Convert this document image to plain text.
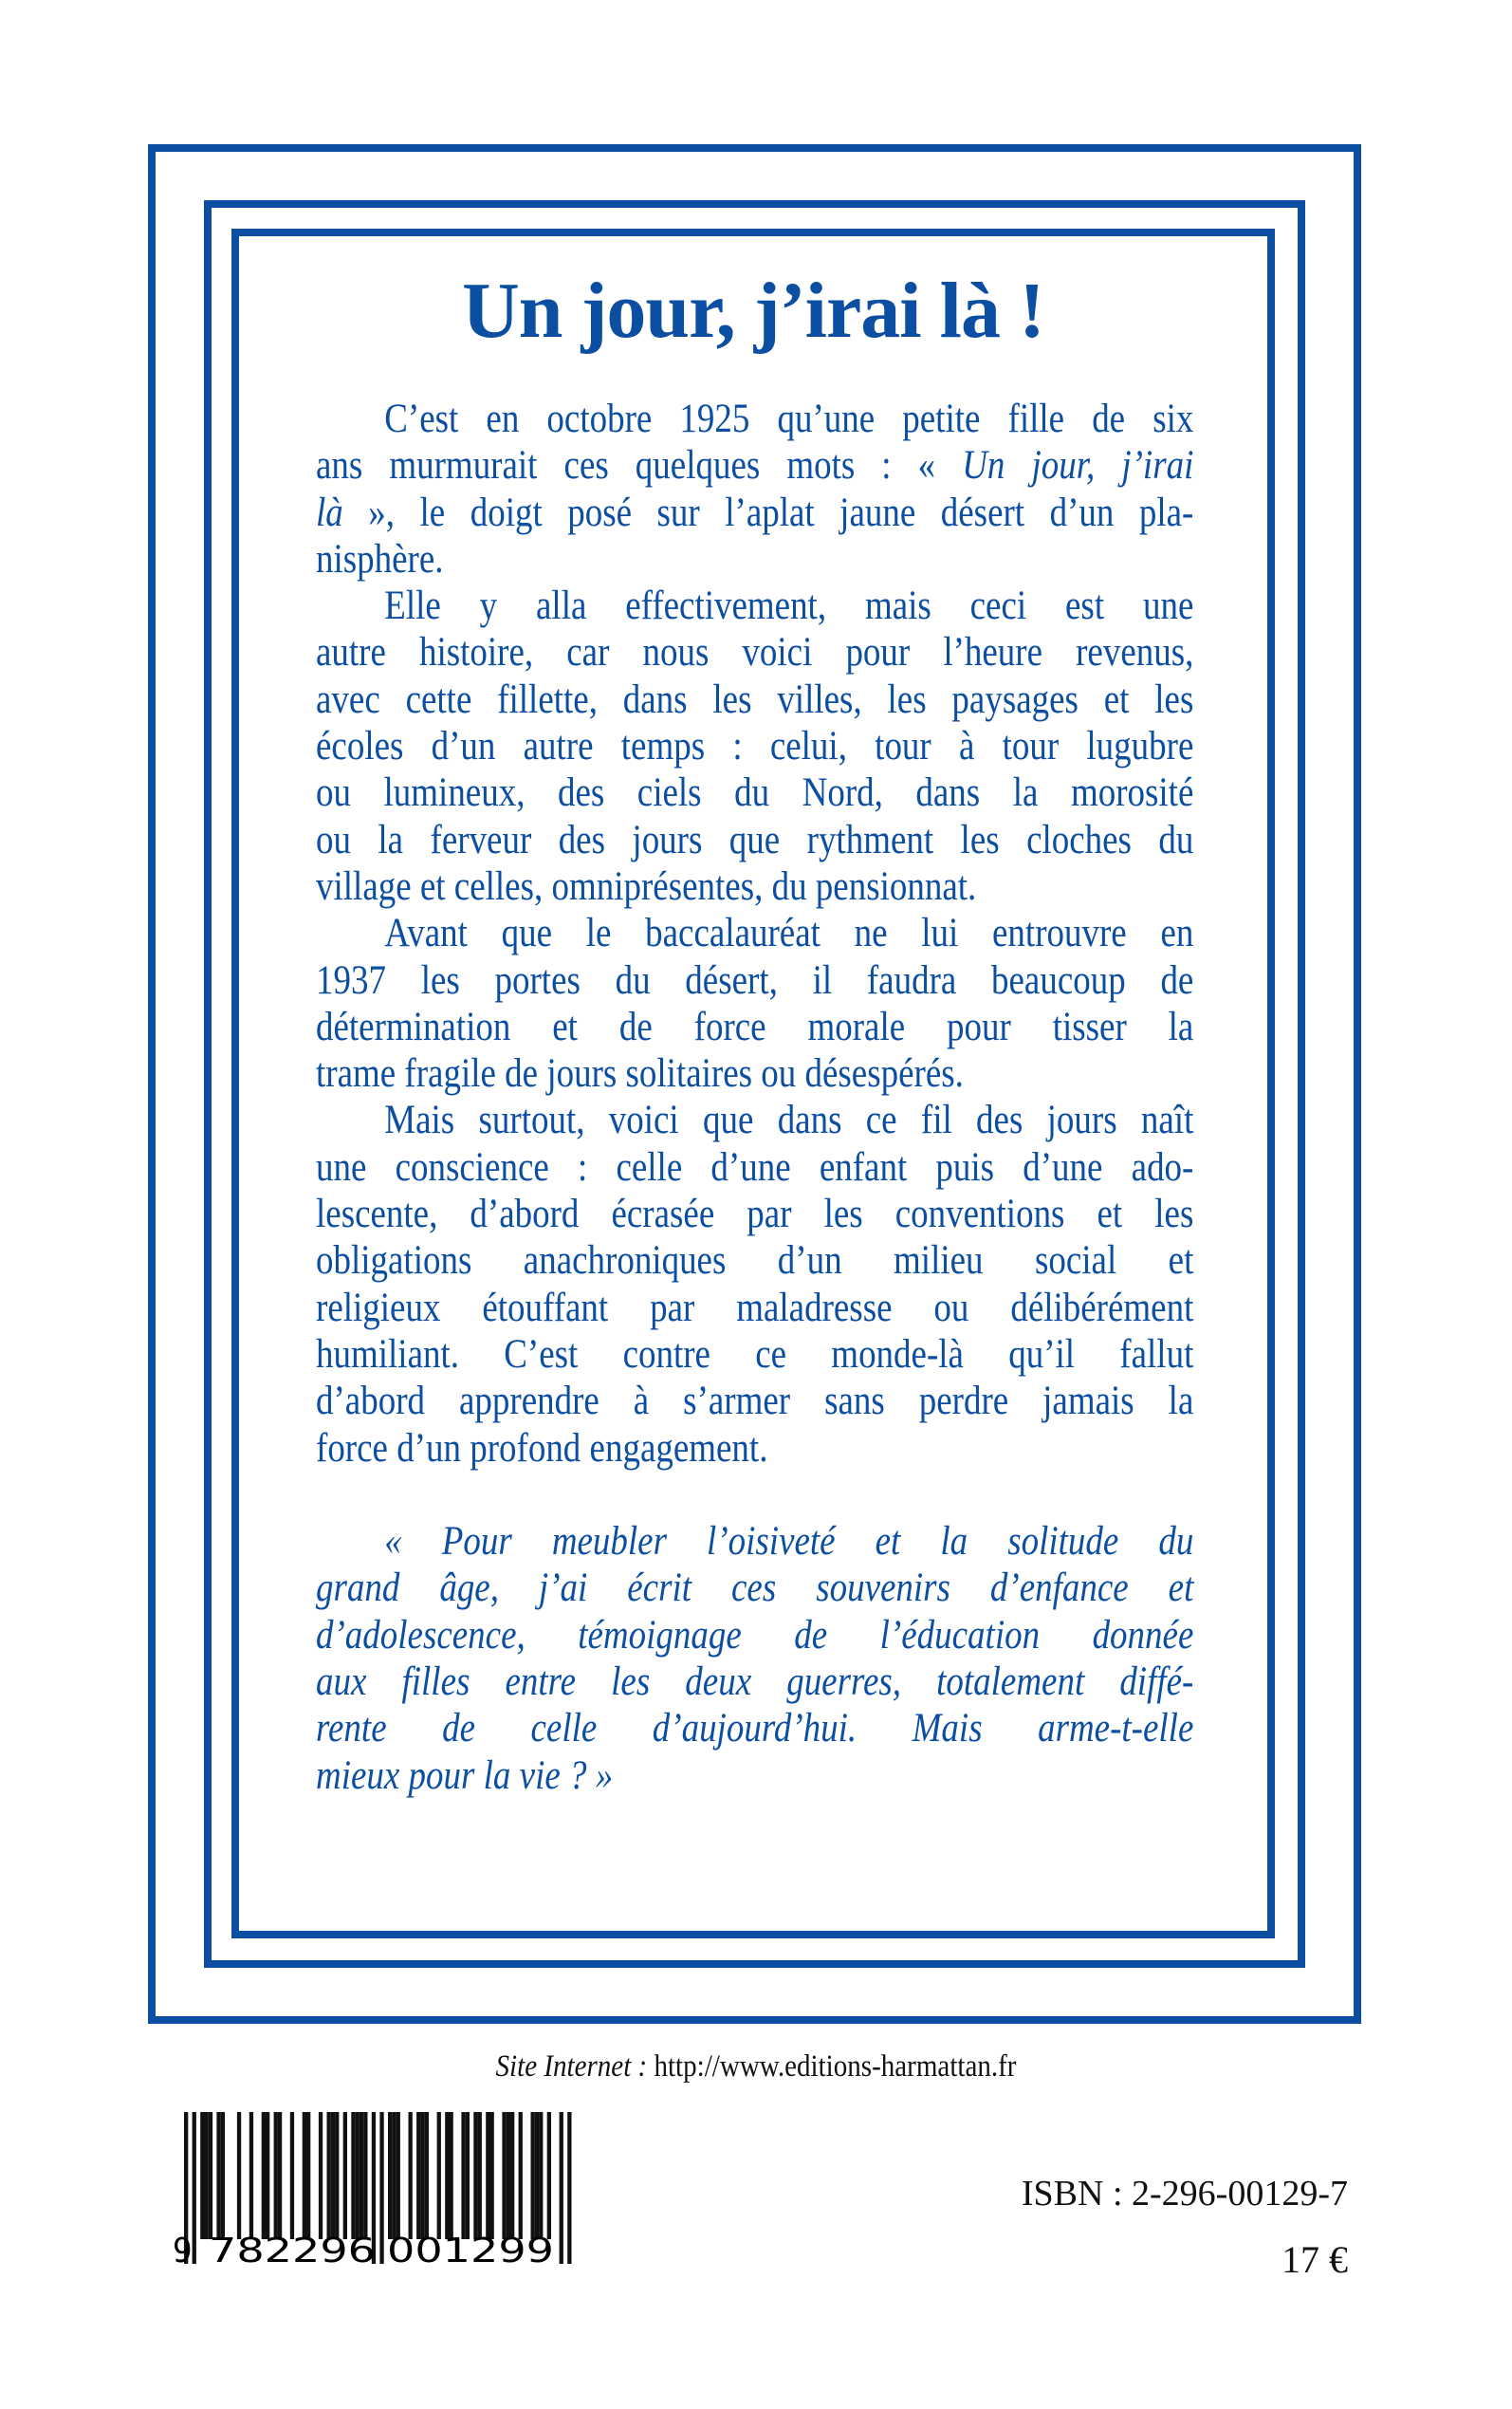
Un jour, j’irai là !
C’est en octobre 1925 qu’une petite fille de six
ans murmurait ces quelques mots : « Un jour, j’irai
là », le doigt posé sur l’aplat jaune désert d’un pla-
nisphère.
Elle y alla effectivement, mais ceci est une
autre histoire, car nous voici pour l’heure revenus,
avec cette fillette, dans les villes, les paysages et les
écoles d’un autre temps : celui, tour à tour lugubre
ou lumineux, des ciels du Nord, dans la morosité
ou la ferveur des jours que rythment les cloches du
village et celles, omniprésentes, du pensionnat.
Avant que le baccalauréat ne lui entrouvre en
1937 les portes du désert, il faudra beaucoup de
détermination et de force morale pour tisser la
trame fragile de jours solitaires ou désespérés.
Mais surtout, voici que dans ce fil des jours naît
une conscience : celle d’une enfant puis d’une ado-
lescente, d’abord écrasée par les conventions et les
obligations anachroniques d’un milieu social et
religieux étouffant par maladresse ou délibérément
humiliant. C’est contre ce monde-là qu’il fallut
d’abord apprendre à s’armer sans perdre jamais la
force d’un profond engagement.
« Pour meubler l’oisiveté et la solitude du
grand âge, j’ai écrit ces souvenirs d’enfance et
d’adolescence, témoignage de l’éducation donnée
aux filles entre les deux guerres, totalement diffé-
rente de celle d’aujourd’hui. Mais arme-t-elle
mieux pour la vie ? »
Site Internet : http://www.editions-harmattan.fr
9 782296 001299
ISBN : 2-296-00129-7
17 €
